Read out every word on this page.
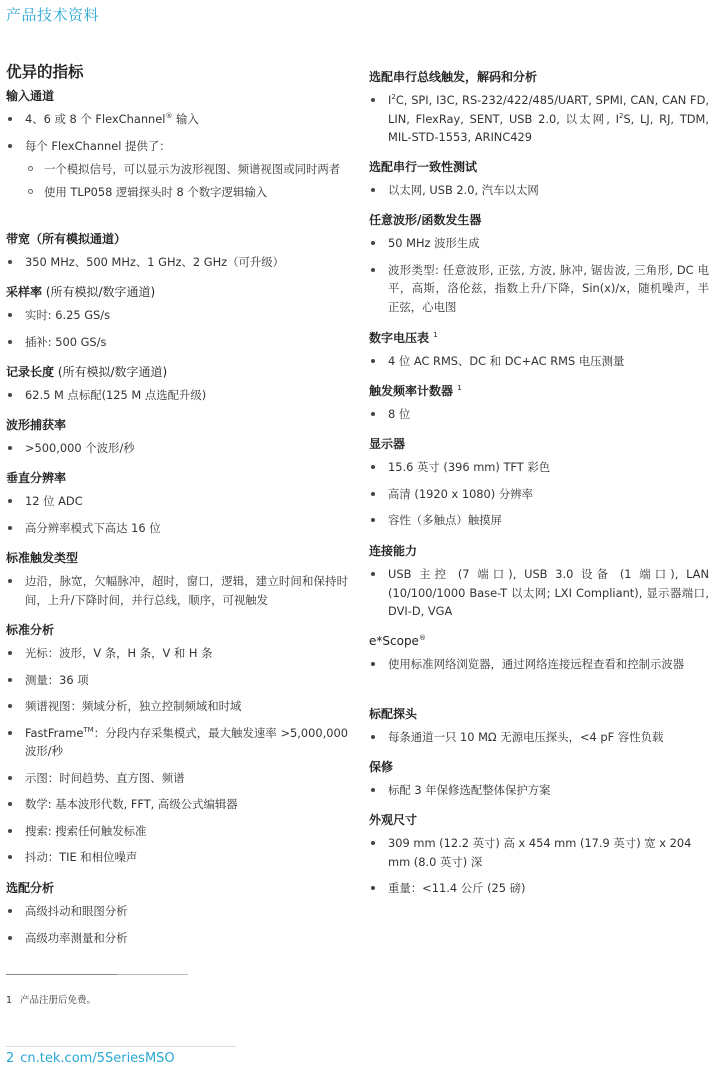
产品技术资料
优异的指标
输入通道
4、6 或 8 个 FlexChannel® 输入
每个 FlexChannel 提供了：
一个模拟信号，可以显示为波形视图、频谱视图或同时两者
使用 TLP058 逻辑探头时 8 个数字逻辑输入
带宽（所有模拟通道）
350 MHz、500 MHz、1 GHz、2 GHz（可升级）
采样率 (所有模拟/数字通道)
实时: 6.25 GS/s
插补: 500 GS/s
记录长度 (所有模拟/数字通道)
62.5 M 点标配(125 M 点选配升级)
波形捕获率
>500,000 个波形/秒
垂直分辨率
12 位 ADC
高分辨率模式下高达 16 位
标准触发类型
边沿，脉宽，欠幅脉冲，超时，窗口，逻辑，建立时间和保持时间，上升/下降时间，并行总线，顺序，可视触发
标准分析
光标：波形，V 条，H 条，V 和 H 条
测量：36 项
频谱视图：频域分析，独立控制频域和时域
FastFrame™：分段内存采集模式，最大触发速率 >5,000,000 波形/秒
示图：时间趋势、直方图、频谱
数学: 基本波形代数, FFT, 高级公式编辑器
搜索: 搜索任何触发标准
抖动：TIE 和相位噪声
选配分析
高级抖动和眼图分析
高级功率测量和分析
选配串行总线触发，解码和分析
$I^2C$, SPI, I3C, RS-232/422/485/UART, SPMI, CAN, CAN FD, LIN, FlexRay, SENT, USB 2.0, 以太网, $I^2S$, LJ, RJ, TDM, MIL-STD-1553, ARINC429
选配串行一致性测试
以太网, USB 2.0, 汽车以太网
任意波形/函数发生器
50 MHz 波形生成
波形类型: 任意波形, 正弦, 方波, 脉冲, 锯齿波, 三角形, DC 电平，高斯，洛伦兹，指数上升/下降，Sin(x)/x，随机噪声，半正弦，心电图
数字电压表 $^1$
4 位 AC RMS、DC 和 DC+AC RMS 电压测量
触发频率计数器 $^1$
8 位
显示器
15.6 英寸 (396 mm) TFT 彩色
高清 (1920 x 1080) 分辨率
容性（多触点）触摸屏
连接能力
USB 主控 (7 端口), USB 3.0 设备 (1 端口), LAN (10/100/1000 Base-T 以太网; LXI Compliant), 显示器端口, DVI-D, VGA
e*Scope®
使用标准网络浏览器，通过网络连接远程查看和控制示波器
标配探头
每条通道一只 10 MΩ 无源电压探头，<4 pF 容性负载
保修
标配 3 年保修选配整体保护方案
外观尺寸
309 mm (12.2 英寸) 高 x 454 mm (17.9 英寸) 宽 x 204 mm (8.0 英寸) 深
重量：<11.4 公斤 (25 磅)
1 产品注册后免费。
2 cn.tek.com/5SeriesMSO
